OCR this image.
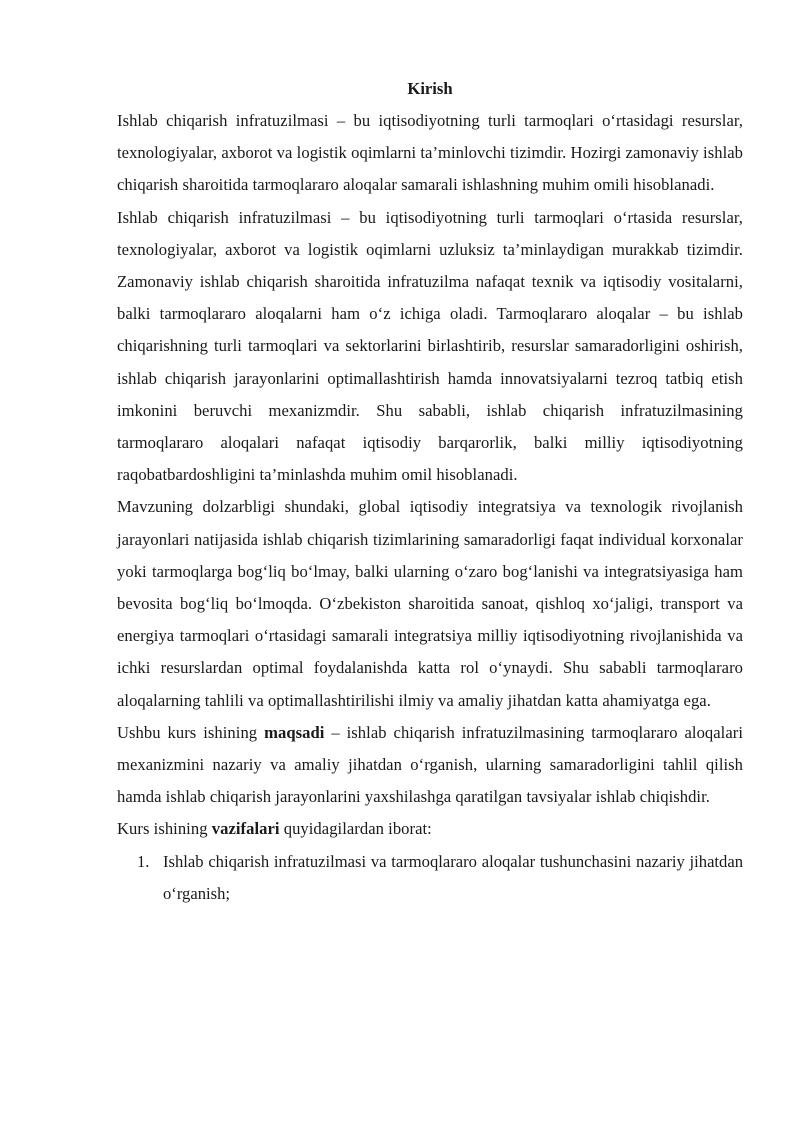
Kirish

Ishlab chiqarish infratuzilmasi – bu iqtisodiyotning turli tarmoqlari o‘rtasidagi resurslar, texnologiyalar, axborot va logistik oqimlarni ta’minlovchi tizimdir. Hozirgi zamonaviy ishlab chiqarish sharoitida tarmoqlararo aloqalar samarali ishlashning muhim omili hisoblanadi.

Ishlab chiqarish infratuzilmasi – bu iqtisodiyotning turli tarmoqlari o‘rtasida resurslar, texnologiyalar, axborot va logistik oqimlarni uzluksiz ta’minlaydigan murakkab tizimdir. Zamonaviy ishlab chiqarish sharoitida infratuzilma nafaqat texnik va iqtisodiy vositalarni, balki tarmoqlararo aloqalarni ham o‘z ichiga oladi. Tarmoqlararo aloqalar – bu ishlab chiqarishning turli tarmoqlari va sektorlarini birlashtirib, resurslar samaradorligini oshirish, ishlab chiqarish jarayonlarini optimallashtirish hamda innovatsiyalarni tezroq tatbiq etish imkonini beruvchi mexanizmdir. Shu sababli, ishlab chiqarish infratuzilmasining tarmoqlararo aloqalari nafaqat iqtisodiy barqarorlik, balki milliy iqtisodiyotning raqobatbardoshligini ta’minlashda muhim omil hisoblanadi.

Mavzuning dolzarbligi shundaki, global iqtisodiy integratsiya va texnologik rivojlanish jarayonlari natijasida ishlab chiqarish tizimlarining samaradorligi faqat individual korxonalar yoki tarmoqlarga bog‘liq bo‘lmay, balki ularning o‘zaro bog‘lanishi va integratsiyasiga ham bevosita bog‘liq bo‘lmoqda. O‘zbekiston sharoitida sanoat, qishloq xo‘jaligi, transport va energiya tarmoqlari o‘rtasidagi samarali integratsiya milliy iqtisodiyotning rivojlanishida va ichki resurslardan optimal foydalanishda katta rol o‘ynaydi. Shu sababli tarmoqlararo aloqalarning tahlili va optimallashtirilishi ilmiy va amaliy jihatdan katta ahamiyatga ega.

Ushbu kurs ishining maqsadi – ishlab chiqarish infratuzilmasining tarmoqlararo aloqalari mexanizmini nazariy va amaliy jihatdan o‘rganish, ularning samaradorligini tahlil qilish hamda ishlab chiqarish jarayonlarini yaxshilashga qaratilgan tavsiyalar ishlab chiqishdir.

Kurs ishining vazifalari quyidagilardan iborat:

1. Ishlab chiqarish infratuzilmasi va tarmoqlararo aloqalar tushunchasini nazariy jihatdan o‘rganish;
